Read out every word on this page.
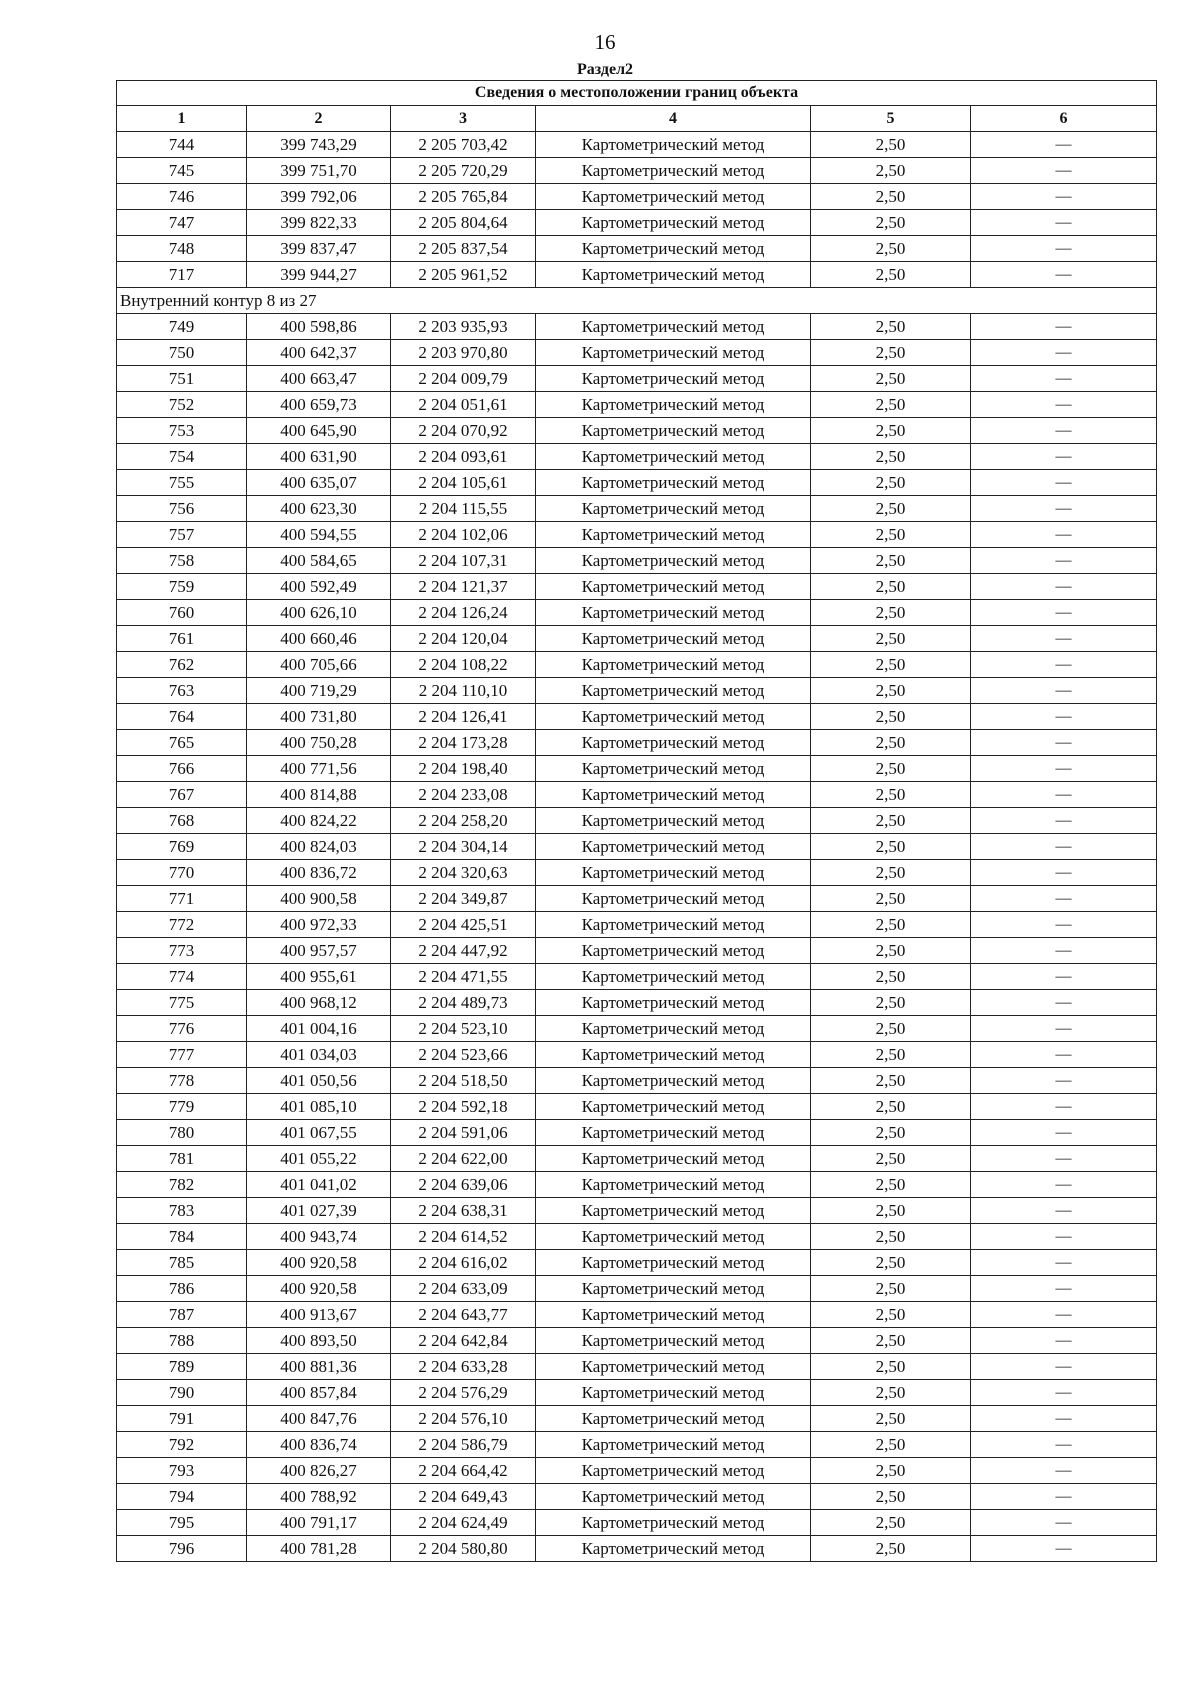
16
Раздел2
Сведения о местоположении границ объекта					
1	2	3	4	5	6
744	399 743,29	2 205 703,42	Картометрический метод	2,50	—
745	399 751,70	2 205 720,29	Картометрический метод	2,50	—
746	399 792,06	2 205 765,84	Картометрический метод	2,50	—
747	399 822,33	2 205 804,64	Картометрический метод	2,50	—
748	399 837,47	2 205 837,54	Картометрический метод	2,50	—
717	399 944,27	2 205 961,52	Картометрический метод	2,50	—
Внутренний контур 8 из 27					
749	400 598,86	2 203 935,93	Картометрический метод	2,50	—
750	400 642,37	2 203 970,80	Картометрический метод	2,50	—
751	400 663,47	2 204 009,79	Картометрический метод	2,50	—
752	400 659,73	2 204 051,61	Картометрический метод	2,50	—
753	400 645,90	2 204 070,92	Картометрический метод	2,50	—
754	400 631,90	2 204 093,61	Картометрический метод	2,50	—
755	400 635,07	2 204 105,61	Картометрический метод	2,50	—
756	400 623,30	2 204 115,55	Картометрический метод	2,50	—
757	400 594,55	2 204 102,06	Картометрический метод	2,50	—
758	400 584,65	2 204 107,31	Картометрический метод	2,50	—
759	400 592,49	2 204 121,37	Картометрический метод	2,50	—
760	400 626,10	2 204 126,24	Картометрический метод	2,50	—
761	400 660,46	2 204 120,04	Картометрический метод	2,50	—
762	400 705,66	2 204 108,22	Картометрический метод	2,50	—
763	400 719,29	2 204 110,10	Картометрический метод	2,50	—
764	400 731,80	2 204 126,41	Картометрический метод	2,50	—
765	400 750,28	2 204 173,28	Картометрический метод	2,50	—
766	400 771,56	2 204 198,40	Картометрический метод	2,50	—
767	400 814,88	2 204 233,08	Картометрический метод	2,50	—
768	400 824,22	2 204 258,20	Картометрический метод	2,50	—
769	400 824,03	2 204 304,14	Картометрический метод	2,50	—
770	400 836,72	2 204 320,63	Картометрический метод	2,50	—
771	400 900,58	2 204 349,87	Картометрический метод	2,50	—
772	400 972,33	2 204 425,51	Картометрический метод	2,50	—
773	400 957,57	2 204 447,92	Картометрический метод	2,50	—
774	400 955,61	2 204 471,55	Картометрический метод	2,50	—
775	400 968,12	2 204 489,73	Картометрический метод	2,50	—
776	401 004,16	2 204 523,10	Картометрический метод	2,50	—
777	401 034,03	2 204 523,66	Картометрический метод	2,50	—
778	401 050,56	2 204 518,50	Картометрический метод	2,50	—
779	401 085,10	2 204 592,18	Картометрический метод	2,50	—
780	401 067,55	2 204 591,06	Картометрический метод	2,50	—
781	401 055,22	2 204 622,00	Картометрический метод	2,50	—
782	401 041,02	2 204 639,06	Картометрический метод	2,50	—
783	401 027,39	2 204 638,31	Картометрический метод	2,50	—
784	400 943,74	2 204 614,52	Картометрический метод	2,50	—
785	400 920,58	2 204 616,02	Картометрический метод	2,50	—
786	400 920,58	2 204 633,09	Картометрический метод	2,50	—
787	400 913,67	2 204 643,77	Картометрический метод	2,50	—
788	400 893,50	2 204 642,84	Картометрический метод	2,50	—
789	400 881,36	2 204 633,28	Картометрический метод	2,50	—
790	400 857,84	2 204 576,29	Картометрический метод	2,50	—
791	400 847,76	2 204 576,10	Картометрический метод	2,50	—
792	400 836,74	2 204 586,79	Картометрический метод	2,50	—
793	400 826,27	2 204 664,42	Картометрический метод	2,50	—
794	400 788,92	2 204 649,43	Картометрический метод	2,50	—
795	400 791,17	2 204 624,49	Картометрический метод	2,50	—
796	400 781,28	2 204 580,80	Картометрический метод	2,50	—
